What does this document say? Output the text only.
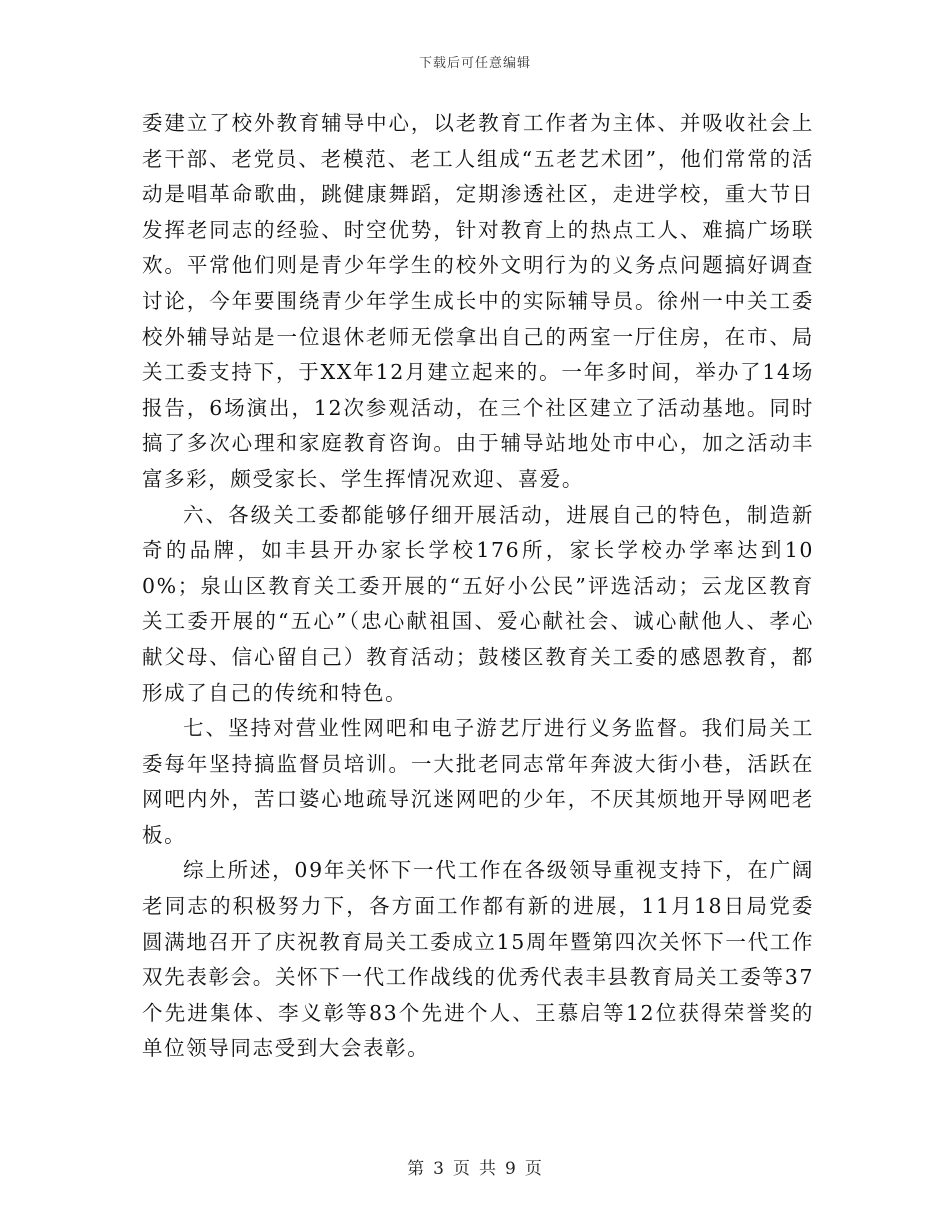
下载后可任意编辑

委建立了校外教育辅导中心，以老教育工作者为主体、并吸收社会上老干部、老党员、老模范、老工人组成“五老艺术团”，他们常常的活动是唱革命歌曲，跳健康舞蹈，定期渗透社区，走进学校，重大节日发挥老同志的经验、时空优势，针对教育上的热点工人、难搞广场联欢。平常他们则是青少年学生的校外文明行为的义务点问题搞好调查讨论，今年要围绕青少年学生成长中的实际辅导员。徐州一中关工委校外辅导站是一位退休老师无偿拿出自己的两室一厅住房，在市、局关工委支持下，于XX年12月建立起来的。一年多时间，举办了14场报告，6场演出，12次参观活动，在三个社区建立了活动基地。同时搞了多次心理和家庭教育咨询。由于辅导站地处市中心，加之活动丰富多彩，颇受家长、学生挥情况欢迎、喜爱。

六、各级关工委都能够仔细开展活动，进展自己的特色，制造新奇的品牌，如丰县开办家长学校176所，家长学校办学率达到100%；泉山区教育关工委开展的“五好小公民”评选活动；云龙区教育关工委开展的“五心”（忠心献祖国、爱心献社会、诚心献他人、孝心献父母、信心留自己）教育活动；鼓楼区教育关工委的感恩教育，都形成了自己的传统和特色。

七、坚持对营业性网吧和电子游艺厅进行义务监督。我们局关工委每年坚持搞监督员培训。一大批老同志常年奔波大街小巷，活跃在网吧内外，苦口婆心地疏导沉迷网吧的少年，不厌其烦地开导网吧老板。

综上所述，09年关怀下一代工作在各级领导重视支持下，在广阔老同志的积极努力下，各方面工作都有新的进展，11月18日局党委圆满地召开了庆祝教育局关工委成立15周年暨第四次关怀下一代工作双先表彰会。关怀下一代工作战线的优秀代表丰县教育局关工委等37个先进集体、李义彰等83个先进个人、王慕启等12位获得荣誉奖的单位领导同志受到大会表彰。

第 3 页 共 9 页
